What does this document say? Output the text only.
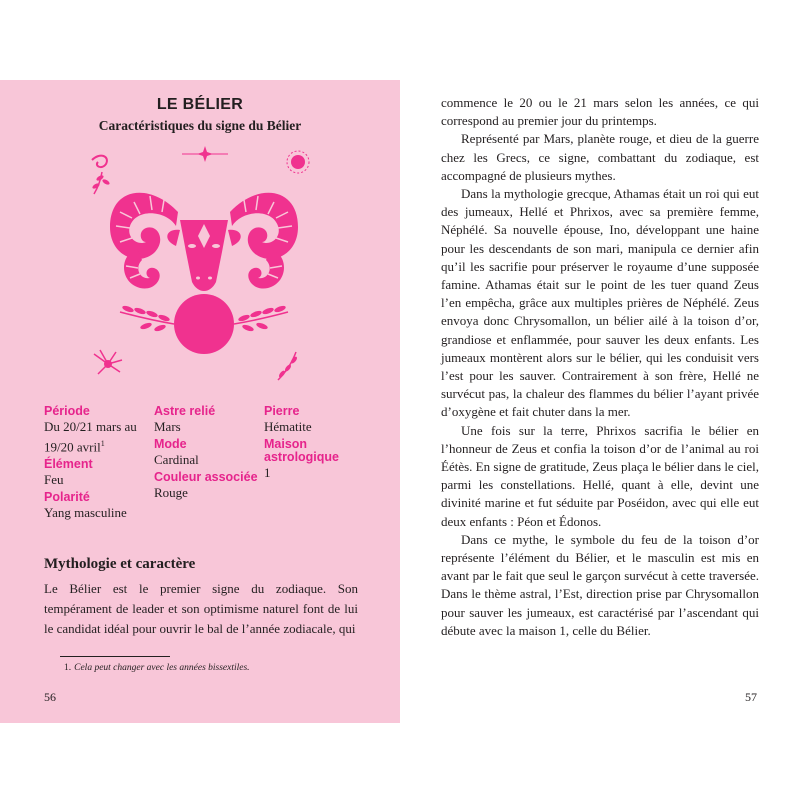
LE BÉLIER
Caractéristiques du signe du Bélier
Période
Du 20/21 mars au 19/20 avril$^1$
Élément
Feu
Polarité
Yang masculine
Astre relié
Mars
Mode
Cardinal
Couleur associée
Rouge
Pierre
Hématite
Maison astrologique
1
Mythologie et caractère

Le Bélier est le premier signe du zodiaque. Son tempérament de leader et son optimisme naturel font de lui le candidat idéal pour ouvrir le bal de l’année zodiacale, qui

1. Cela peut changer avec les années bissextiles.
56

commence le 20 ou le 21 mars selon les années, ce qui correspond au premier jour du printemps.

Représenté par Mars, planète rouge, et dieu de la guerre chez les Grecs, ce signe, combattant du zodiaque, est accompagné de plusieurs mythes.

Dans la mythologie grecque, Athamas était un roi qui eut des jumeaux, Hellé et Phrixos, avec sa première femme, Néphélé. Sa nouvelle épouse, Ino, développant une haine pour les descendants de son mari, manipula ce dernier afin qu’il les sacrifie pour préserver le royaume d’une supposée famine. Athamas était sur le point de les tuer quand Zeus l’en empêcha, grâce aux multiples prières de Néphélé. Zeus envoya donc Chrysomallon, un bélier ailé à la toison d’or, grandiose et enflammée, pour sauver les deux enfants. Les jumeaux montèrent alors sur le bélier, qui les conduisit vers l’est pour les sauver. Contrairement à son frère, Hellé ne survécut pas, la chaleur des flammes du bélier l’ayant privée d’oxygène et fait chuter dans la mer.

Une fois sur la terre, Phrixos sacrifia le bélier en l’honneur de Zeus et confia la toison d’or de l’animal au roi Éétès. En signe de gratitude, Zeus plaça le bélier dans le ciel, parmi les constellations. Hellé, quant à elle, devint une divinité marine et fut séduite par Poséidon, avec qui elle eut deux enfants : Péon et Édonos.

Dans ce mythe, le symbole du feu de la toison d’or représente l’élément du Bélier, et le masculin est mis en avant par le fait que seul le garçon survécut à cette traversée. Dans le thème astral, l’Est, direction prise par Chrysomallon pour sauver les jumeaux, est caractérisé par l’ascendant qui débute avec la maison 1, celle du Bélier.

57
